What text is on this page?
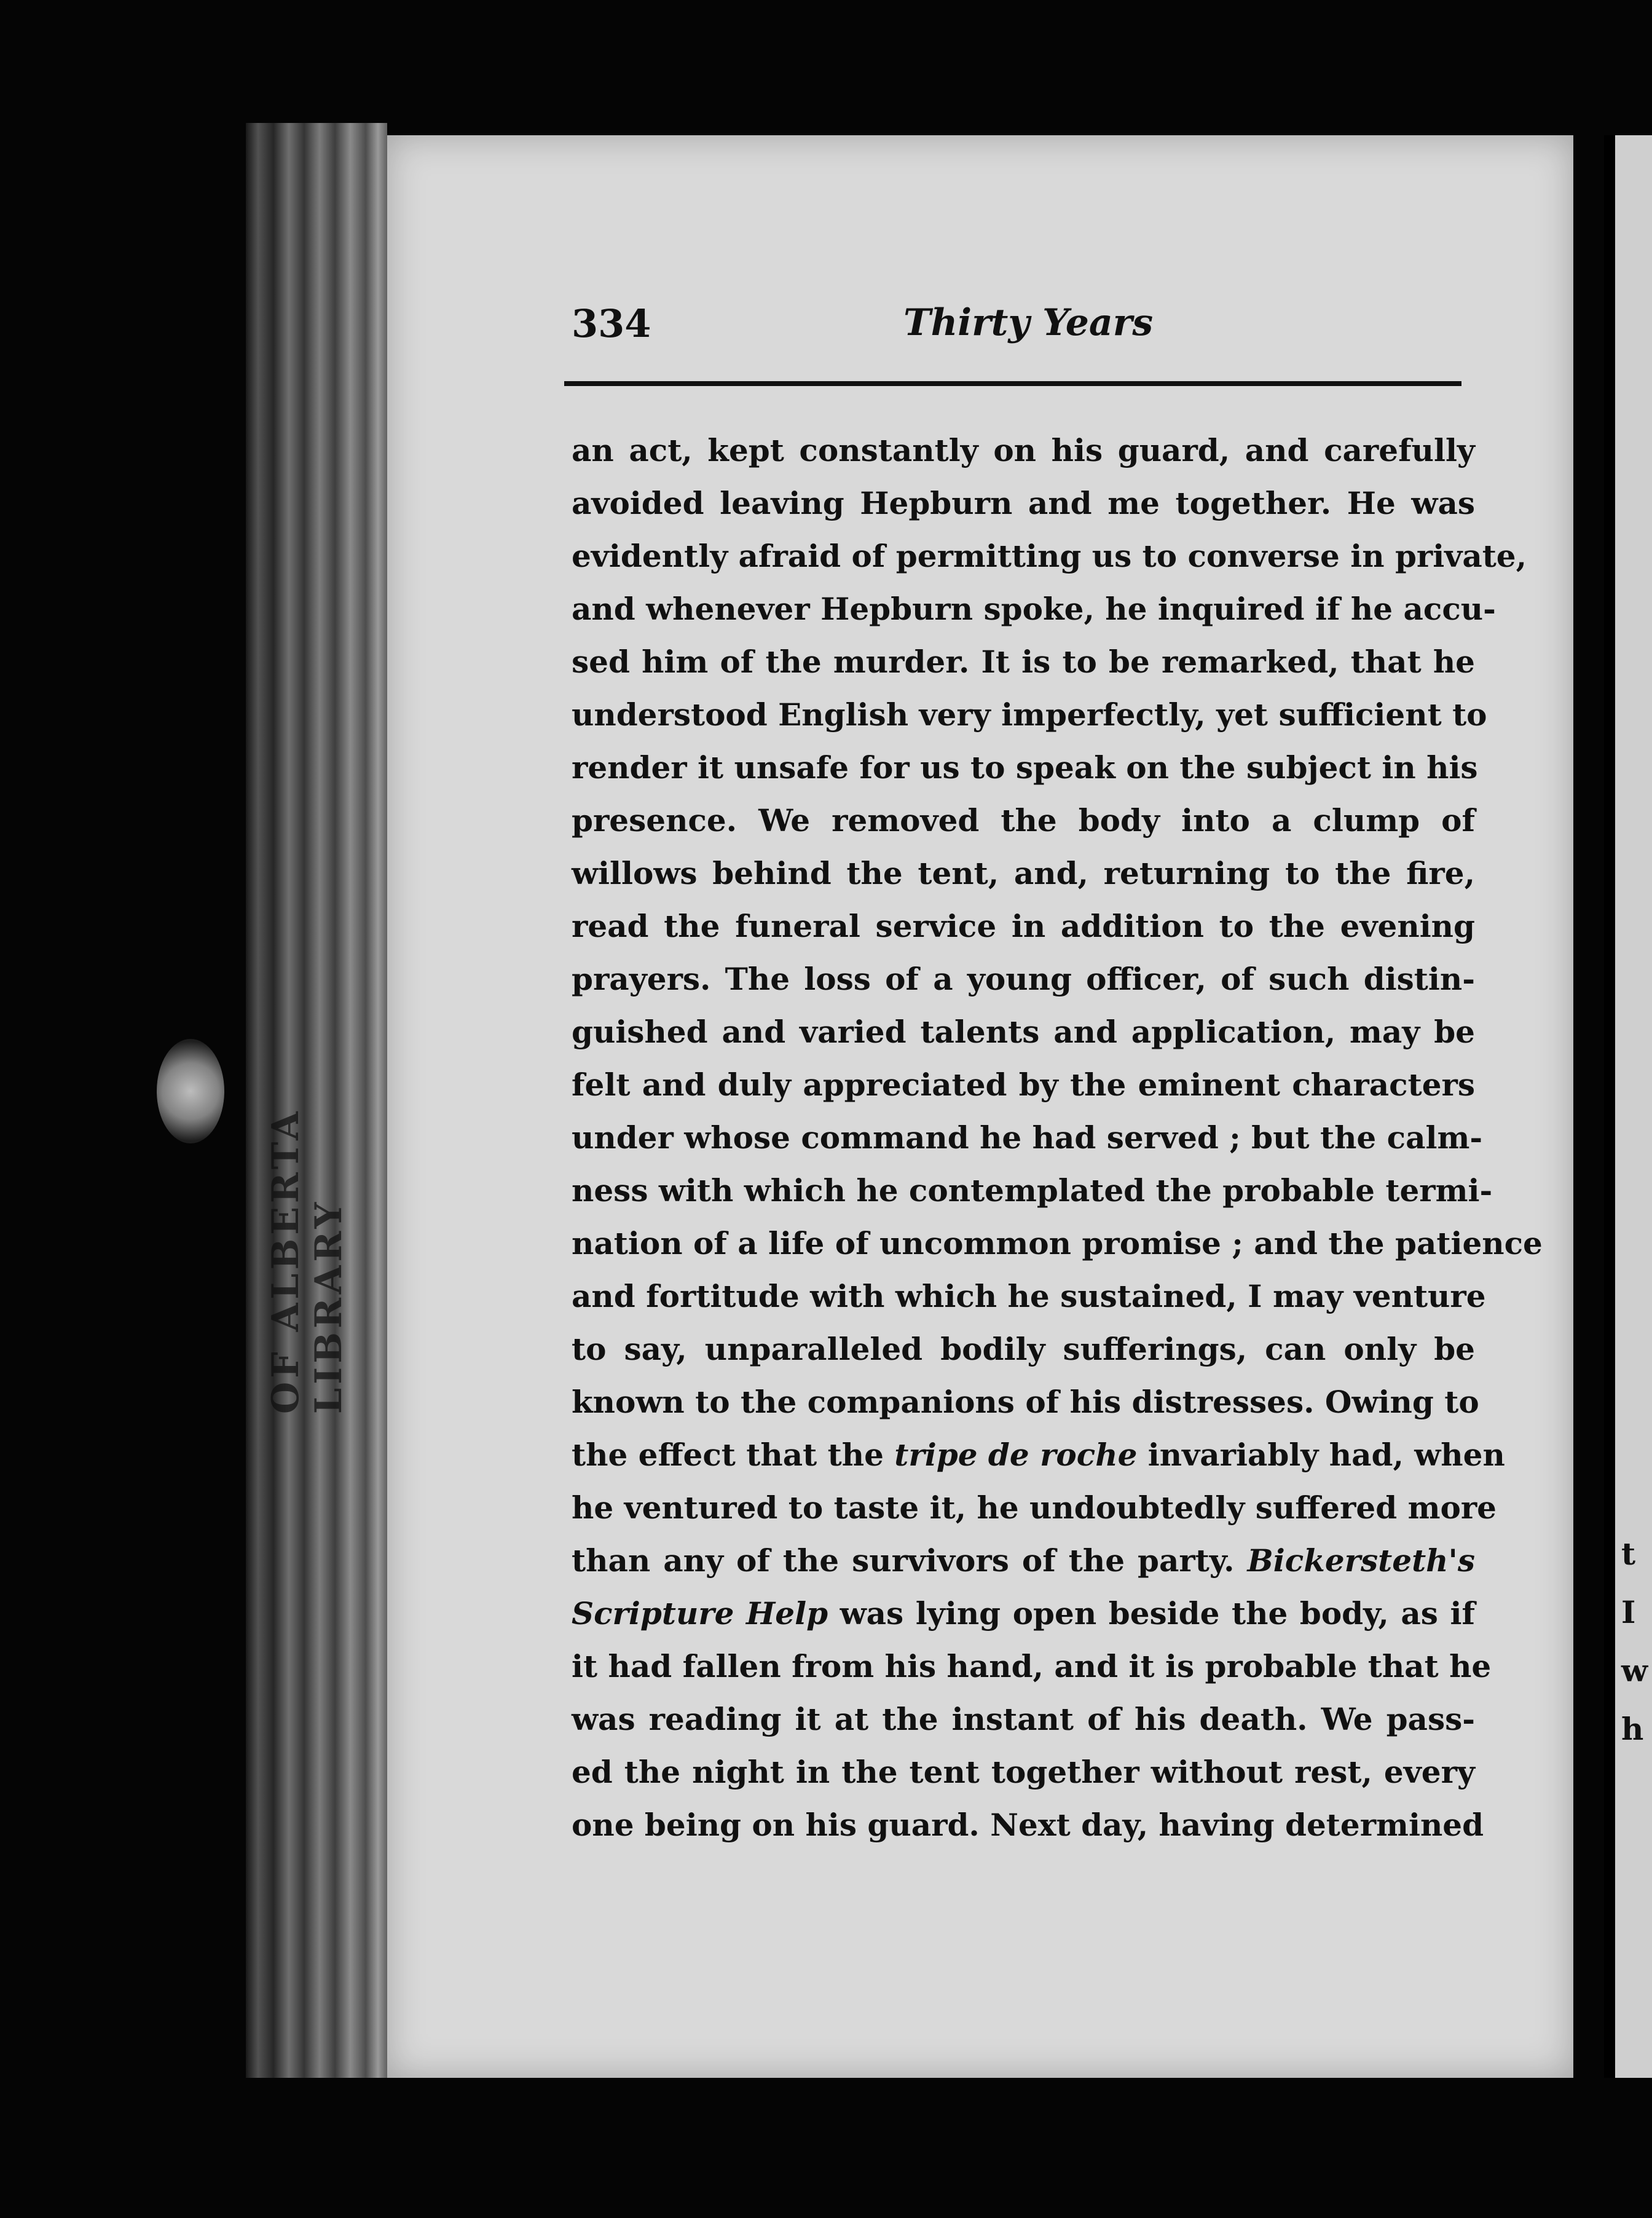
OF ALBERTA LIBRARY
334	Thirty Years
an act, kept constantly on his guard, and carefully
avoided leaving Hepburn and me together. He was
evidently afraid of permitting us to converse in private,
and whenever Hepburn spoke, he inquired if he accu-
sed him of the murder. It is to be remarked, that he
understood English very imperfectly, yet sufficient to
render it unsafe for us to speak on the subject in his
presence. We removed the body into a clump of
willows behind the tent, and, returning to the fire,
read the funeral service in addition to the evening
prayers. The loss of a young officer, of such distin-
guished and varied talents and application, may be
felt and duly appreciated by the eminent characters
under whose command he had served ; but the calm-
ness with which he contemplated the probable termi-
nation of a life of uncommon promise ; and the patience
and fortitude with which he sustained, I may venture
to say, unparalleled bodily sufferings, can only be
known to the companions of his distresses. Owing to
the effect that the tripe de roche invariably had, when
he ventured to taste it, he undoubtedly suffered more
than any of the survivors of the party. Bickersteth's
Scripture Help was lying open beside the body, as if
it had fallen from his hand, and it is probable that he
was reading it at the instant of his death. We pass-
ed the night in the tent together without rest, every
one being on his guard. Next day, having determined
t
I
w
h
